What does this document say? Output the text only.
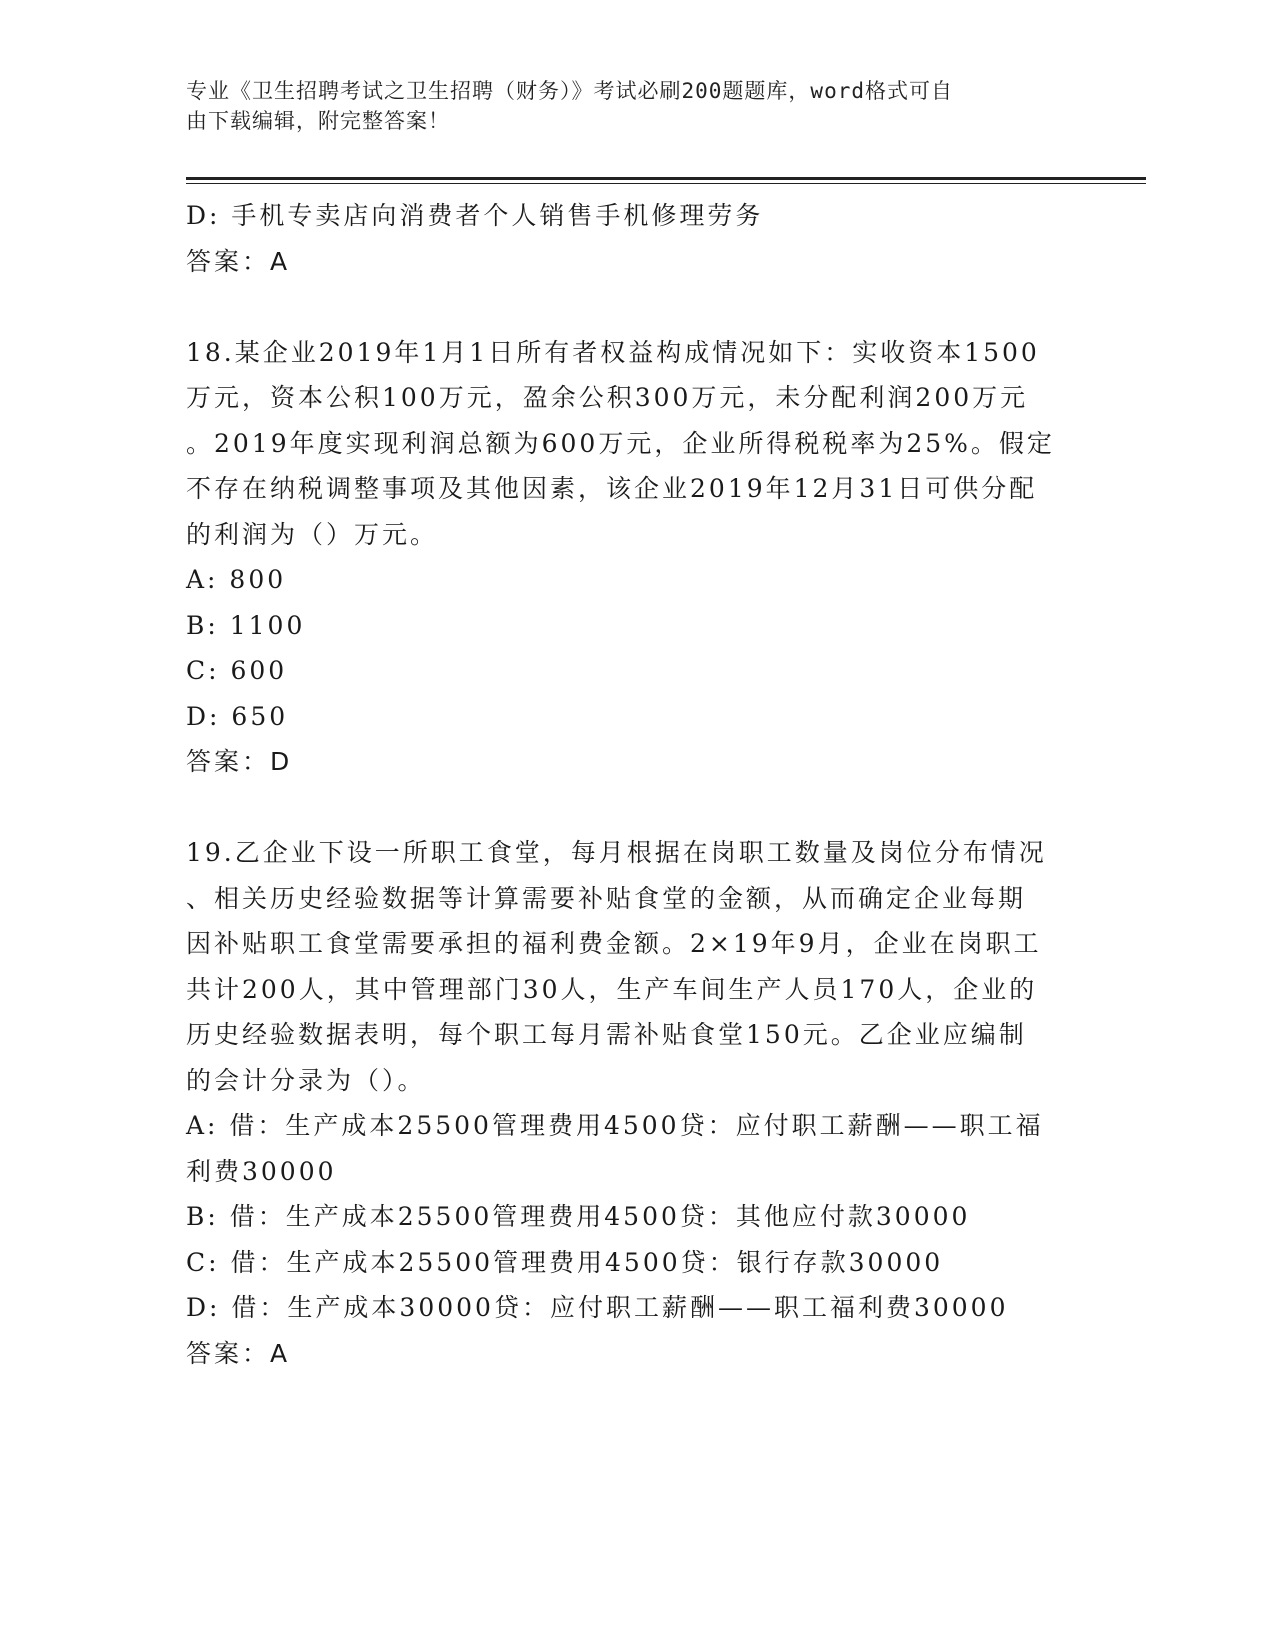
专业《卫生招聘考试之卫生招聘（财务）》考试必刷200题题库，word格式可自
由下载编辑，附完整答案！
D: 手机专卖店向消费者个人销售手机修理劳务
答案：A
18.某企业2019年1月1日所有者权益构成情况如下：实收资本1500
万元，资本公积100万元，盈余公积300万元，未分配利润200万元
。2019年度实现利润总额为600万元，企业所得税税率为25%。假定
不存在纳税调整事项及其他因素，该企业2019年12月31日可供分配
的利润为（）万元。
A: 800
B: 1100
C: 600
D: 650
答案：D
19.乙企业下设一所职工食堂，每月根据在岗职工数量及岗位分布情况
、相关历史经验数据等计算需要补贴食堂的金额，从而确定企业每期
因补贴职工食堂需要承担的福利费金额。2×19年9月，企业在岗职工
共计200人，其中管理部门30人，生产车间生产人员170人，企业的
历史经验数据表明，每个职工每月需补贴食堂150元。乙企业应编制
的会计分录为（）。
A: 借：生产成本25500管理费用4500贷：应付职工薪酬——职工福
利费30000
B: 借：生产成本25500管理费用4500贷：其他应付款30000
C: 借：生产成本25500管理费用4500贷：银行存款30000
D: 借：生产成本30000贷：应付职工薪酬——职工福利费30000
答案：A
